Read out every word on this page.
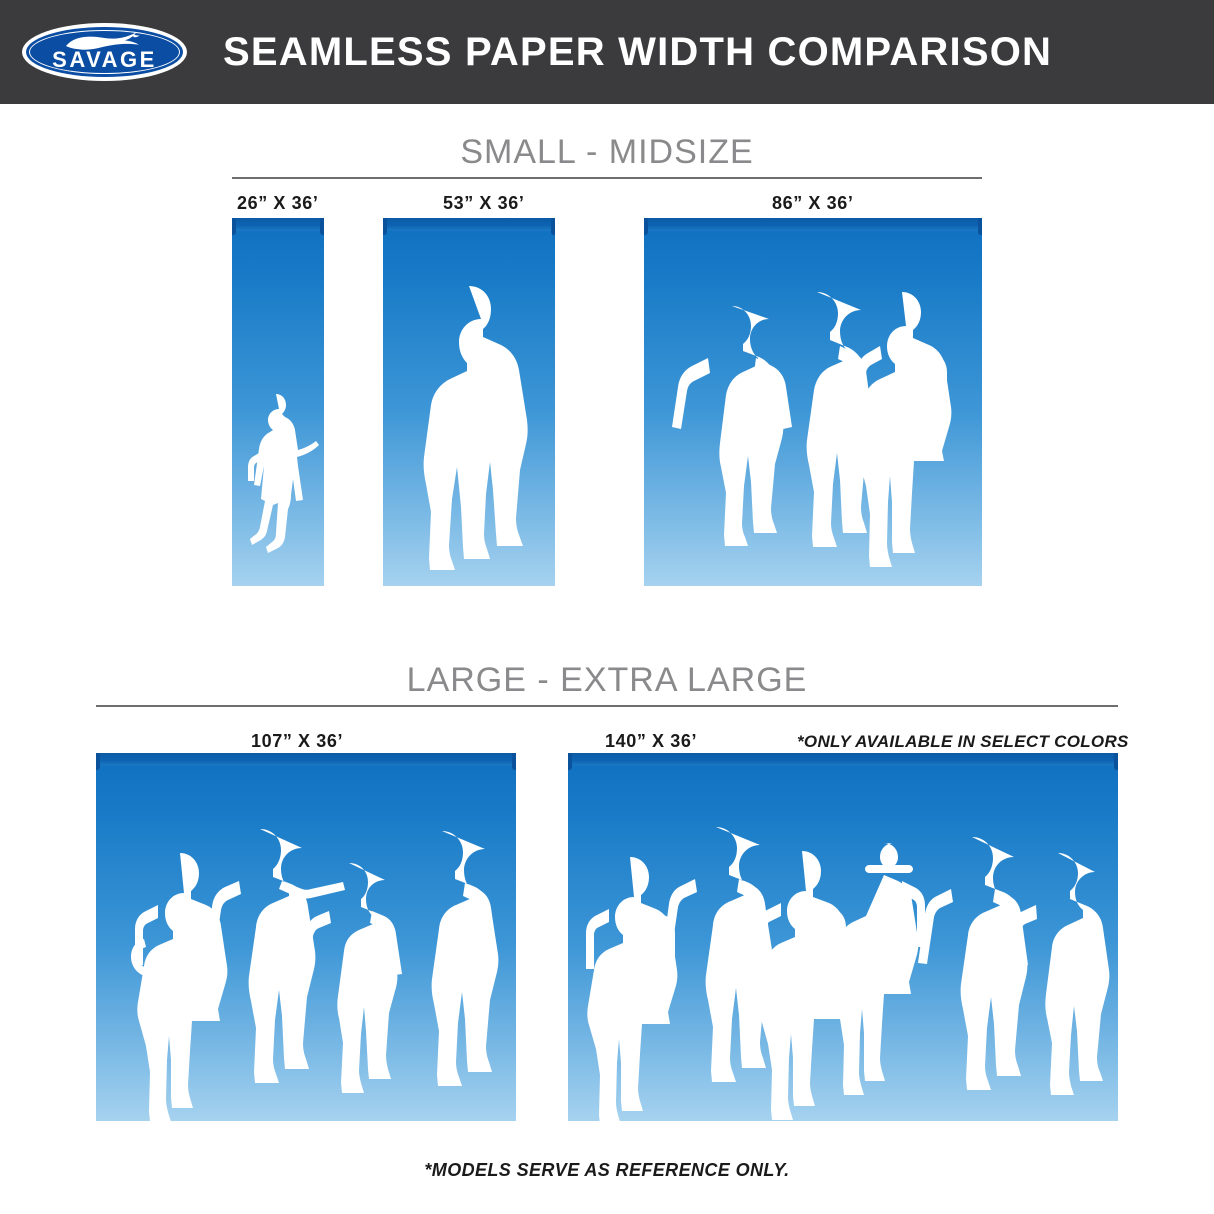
SAVAGE	SEAMLESS PAPER WIDTH COMPARISON
SMALL - MIDSIZE
26” X 36’	53” X 36’	86” X 36’
LARGE - EXTRA LARGE
107” X 36’	140” X 36’	*ONLY AVAILABLE IN SELECT COLORS
*MODELS SERVE AS REFERENCE ONLY.
